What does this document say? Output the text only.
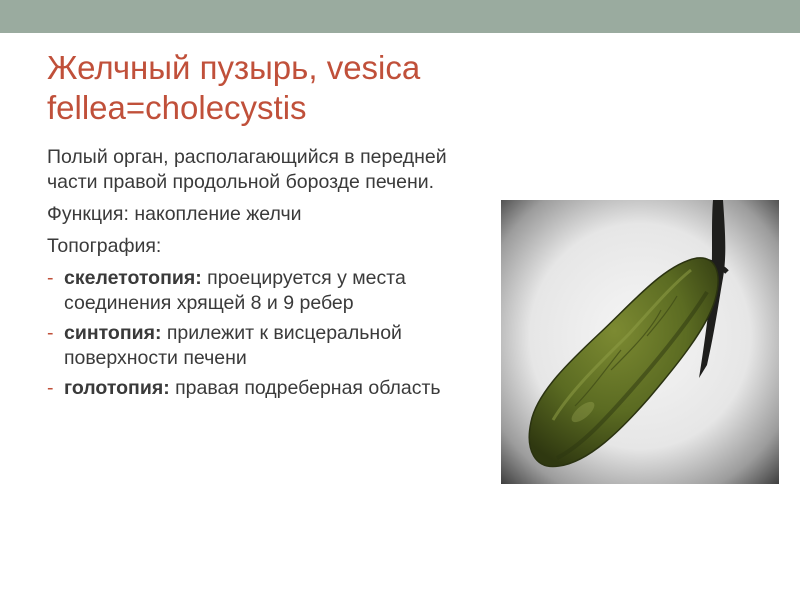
Желчный пузырь, vesica
fellea=cholecystis

Полый орган, располагающийся в передней части правой продольной борозде печени.

Функция: накопление желчи

Топография:

- скелетотопия: проецируется у места соединения хрящей 8 и 9 ребер
- синтопия: прилежит к висцеральной поверхности печени
- голотопия: правая подреберная область
